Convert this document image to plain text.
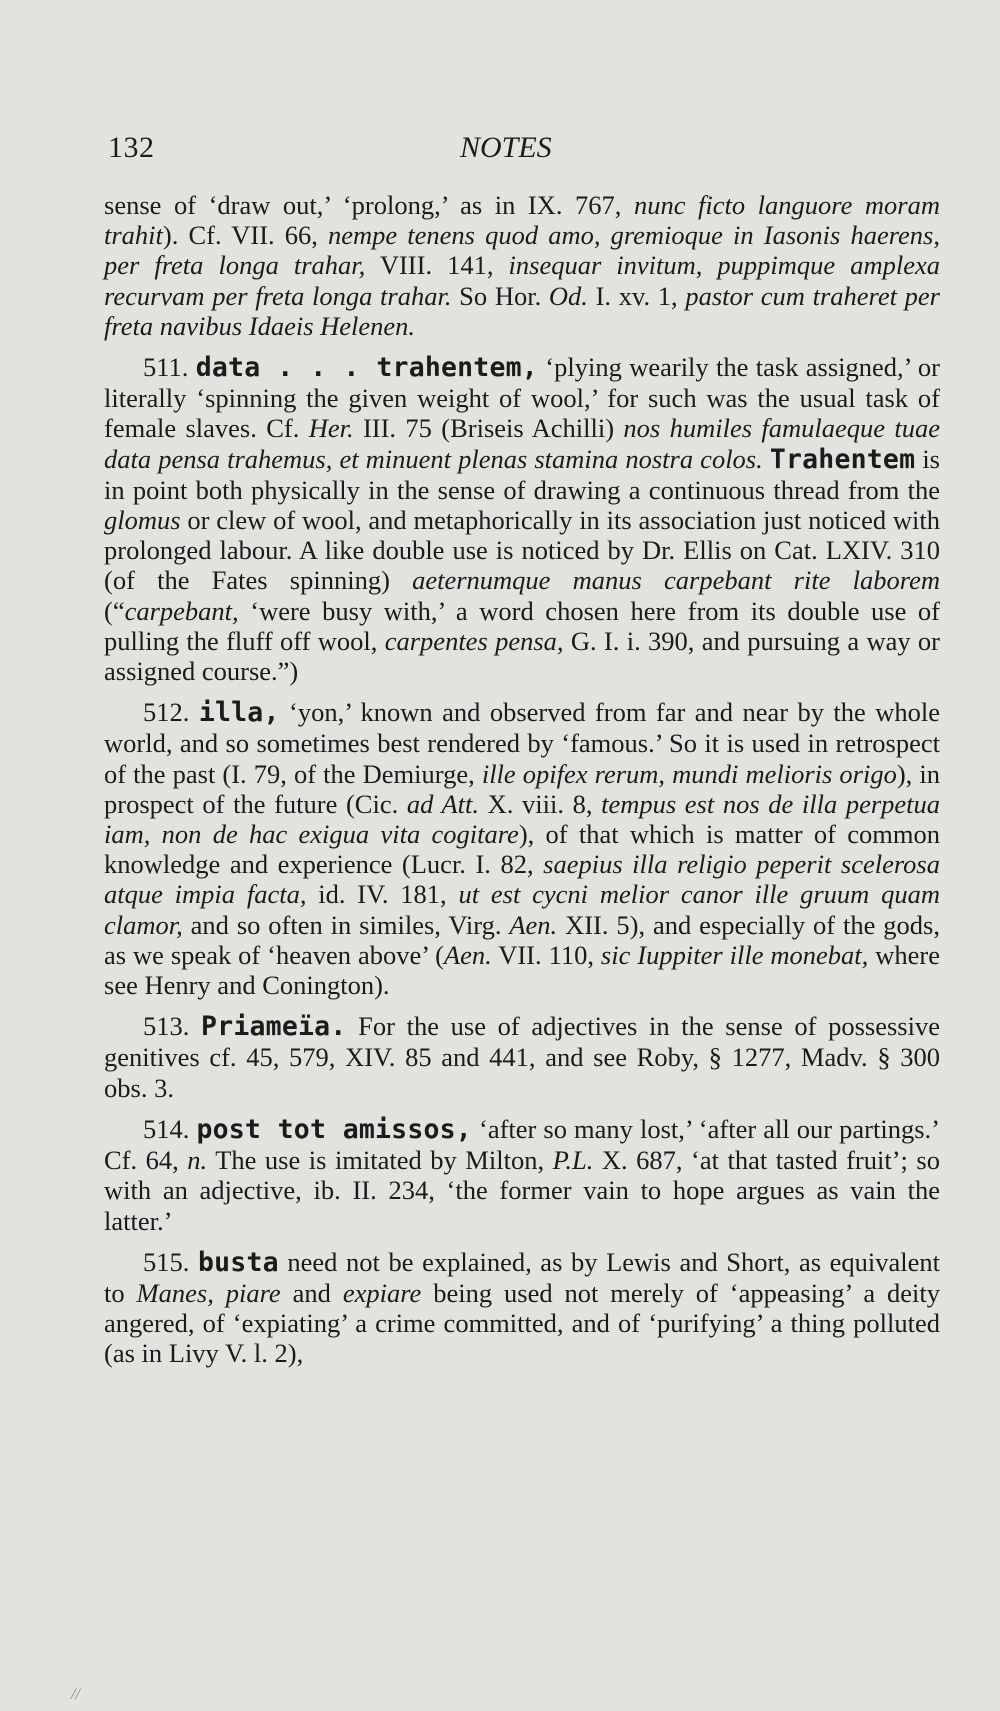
132	NOTES

sense of ‘draw out,’ ‘prolong,’ as in IX. 767, nunc ficto languore moram trahit). Cf. VII. 66, nempe tenens quod amo, gremioque in Iasonis haerens, per freta longa trahar, VIII. 141, insequar invitum, puppimque amplexa recurvam per freta longa trahar. So Hor. Od. I. xv. 1, pastor cum traheret per freta navibus Idaeis Helenen.

511. data . . . trahentem, ‘plying wearily the task assigned,’ or literally ‘spinning the given weight of wool,’ for such was the usual task of female slaves. Cf. Her. III. 75 (Briseis Achilli) nos humiles famulaeque tuae data pensa trahemus, et minuent plenas stamina nostra colos. Trahentem is in point both physically in the sense of drawing a continuous thread from the glomus or clew of wool, and metaphorically in its association just noticed with prolonged labour. A like double use is noticed by Dr. Ellis on Cat. LXIV. 310 (of the Fates spinning) aeternumque manus carpebant rite laborem (“carpebant, ‘were busy with,’ a word chosen here from its double use of pulling the fluff off wool, carpentes pensa, G. I. i. 390, and pursuing a way or assigned course.”)

512. illa, ‘yon,’ known and observed from far and near by the whole world, and so sometimes best rendered by ‘famous.’ So it is used in retrospect of the past (I. 79, of the Demiurge, ille opifex rerum, mundi melioris origo), in prospect of the future (Cic. ad Att. X. viii. 8, tempus est nos de illa perpetua iam, non de hac exigua vita cogitare), of that which is matter of common knowledge and experience (Lucr. I. 82, saepius illa religio peperit scelerosa atque impia facta, id. IV. 181, ut est cycni melior canor ille gruum quam clamor, and so often in similes, Virg. Aen. XII. 5), and especially of the gods, as we speak of ‘heaven above’ (Aen. VII. 110, sic Iuppiter ille monebat, where see Henry and Conington).

513. Priameïa. For the use of adjectives in the sense of possessive genitives cf. 45, 579, XIV. 85 and 441, and see Roby, § 1277, Madv. § 300 obs. 3.

514. post tot amissos, ‘after so many lost,’ ‘after all our partings.’ Cf. 64, n. The use is imitated by Milton, P.L. X. 687, ‘at that tasted fruit’; so with an adjective, ib. II. 234, ‘the former vain to hope argues as vain the latter.’

515. busta need not be explained, as by Lewis and Short, as equivalent to Manes, piare and expiare being used not merely of ‘appeasing’ a deity angered, of ‘expiating’ a crime committed, and of ‘purifying’ a thing polluted (as in Livy V. l. 2),

//
